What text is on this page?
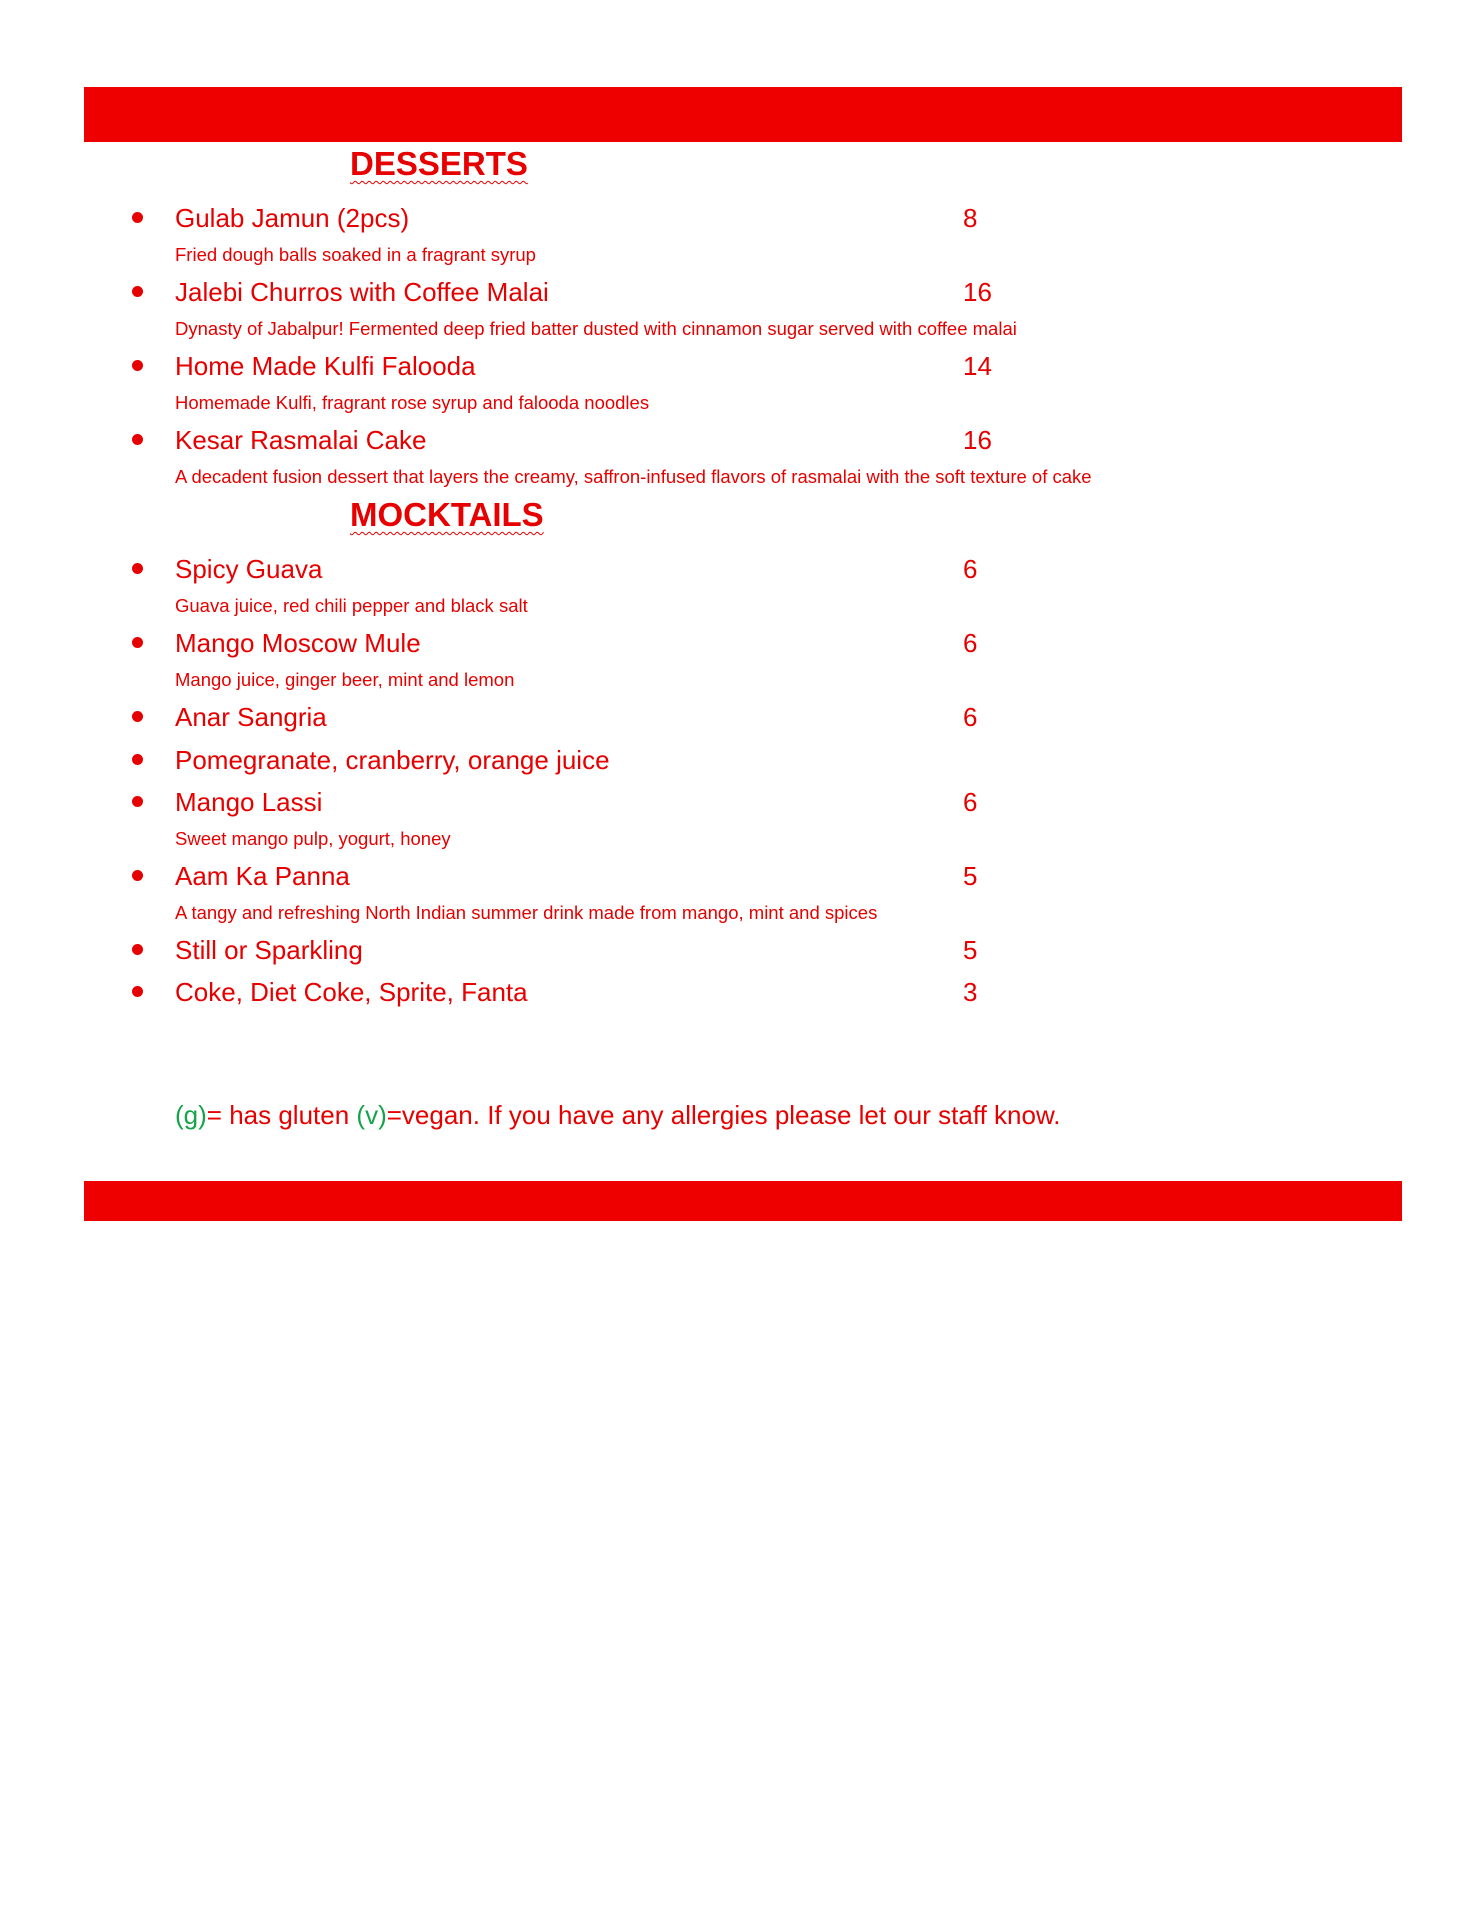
DESSERTS
Gulab Jamun (2pcs)	8
Fried dough balls soaked in a fragrant syrup
Jalebi Churros with Coffee Malai	16
Dynasty of Jabalpur! Fermented deep fried batter dusted with cinnamon sugar served with coffee malai
Home Made Kulfi Falooda	14
Homemade Kulfi, fragrant rose syrup and falooda noodles
Kesar Rasmalai Cake	16
A decadent fusion dessert that layers the creamy, saffron-infused flavors of rasmalai with the soft texture of cake
MOCKTAILS
Spicy Guava	6
Guava juice, red chili pepper and black salt
Mango Moscow Mule	6
Mango juice, ginger beer, mint and lemon
Anar Sangria	6
Pomegranate, cranberry, orange juice
Mango Lassi	6
Sweet mango pulp, yogurt, honey
Aam Ka Panna	5
A tangy and refreshing North Indian summer drink made from mango, mint and spices
Still or Sparkling	5
Coke, Diet Coke, Sprite, Fanta	3
(g)= has gluten (v)=vegan. If you have any allergies please let our staff know.
